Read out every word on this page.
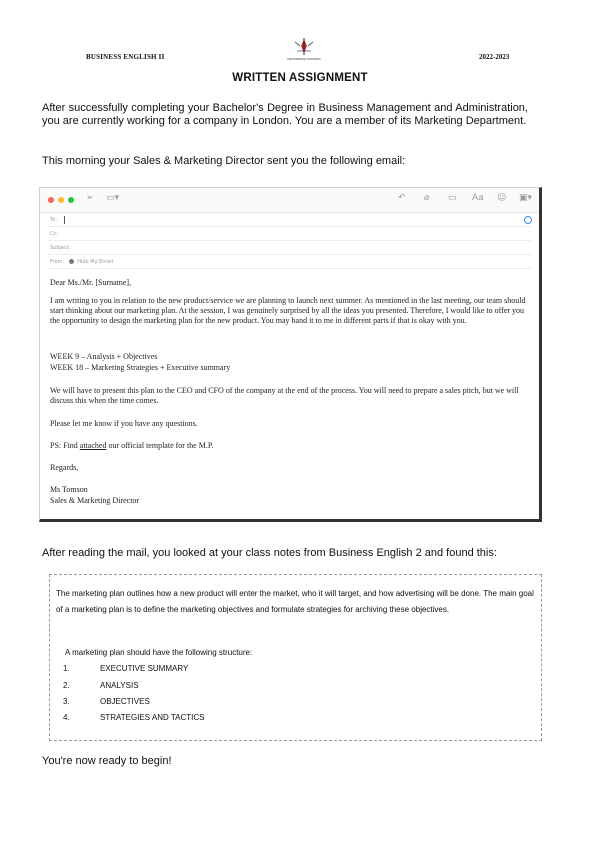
BUSINESS ENGLISH II	UNIVERSIDAD EUROPEA	2022-2023
WRITTEN ASSIGNMENT
After successfully completing your Bachelor's Degree in Business Management and Administration, you are currently working for a company in London. You are a member of its Marketing Department.
This morning your Sales & Marketing Director sent you the following email:
➢ ▭▾	↶ ⌀ ▭ Aa ☺ ▣▾
To:
Cc:
Subject:
From:	Hide My Email
Dear Ms./Mr. [Surname],
I am writing to you in relation to the new product/service we are planning to launch next summer. As mentioned in the last meeting, our team should start thinking about our marketing plan. At the session, I was genuinely surprised by all the ideas you presented. Therefore, I would like to offer you the opportunity to design the marketing plan for the new product. You may hand it to me in different parts if that is okay with you.
WEEK 9 – Analysis + Objectives
WEEK 18 – Marketing Strategies + Executive summary
We will have to present this plan to the CEO and CFO of the company at the end of the process. You will need to prepare a sales pitch, but we will discuss this when the time comes.
Please let me know if you have any questions.
PS: Find attached our official template for the M.P.
Regards,
Ms Tomson
Sales & Marketing Director
After reading the mail, you looked at your class notes from Business English 2 and found this:
The marketing plan outlines how a new product will enter the market, who it will target, and how advertising will be done. The main goal of a marketing plan is to define the marketing objectives and formulate strategies for archiving these objectives.
A marketing plan should have the following structure:
1.	EXECUTIVE SUMMARY
2.	ANALYSIS
3.	OBJECTIVES
4.	STRATEGIES AND TACTICS
You're now ready to begin!
